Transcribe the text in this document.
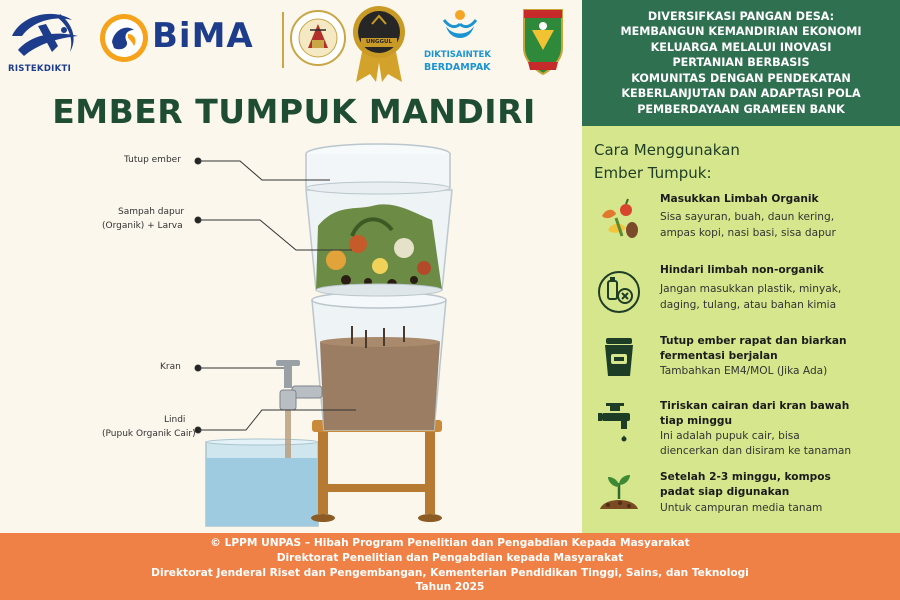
RISTEKDIKTI
BiMA	UNGGUL
DIKTISAINTEK
BERDAMPAK
EMBER TUMPUK MANDIRI
Tutup ember
Sampah dapur
(Organik) + Larva
Kran
Lindi
(Pupuk Organik Cair)
DIVERSIFKASI PANGAN DESA:
MEMBANGUN KEMANDIRIAN EKONOMI
KELUARGA MELALUI INOVASI
PERTANIAN BERBASIS
KOMUNITAS DENGAN PENDEKATAN
KEBERLANJUTAN DAN ADAPTASI POLA
PEMBERDAYAAN GRAMEEN BANK
Cara Menggunakan
Ember Tumpuk:
Masukkan Limbah Organik
Sisa sayuran, buah, daun kering,
ampas kopi, nasi basi, sisa dapur
Hindari limbah non-organik
Jangan masukkan plastik, minyak,
daging, tulang, atau bahan kimia
Tutup ember rapat dan biarkan
fermentasi berjalan
Tambahkan EM4/MOL (Jika Ada)
Tiriskan cairan dari kran bawah
tiap minggu
Ini adalah pupuk cair, bisa
diencerkan dan disiram ke tanaman
Setelah 2-3 minggu, kompos
padat siap digunakan
Untuk campuran media tanam
© LPPM UNPAS – Hibah Program Penelitian dan Pengabdian Kepada Masyarakat
Direktorat Penelitian dan Pengabdian kepada Masyarakat
Direktorat Jenderal Riset dan Pengembangan, Kementerian Pendidikan Tinggi, Sains, dan Teknologi
Tahun 2025
